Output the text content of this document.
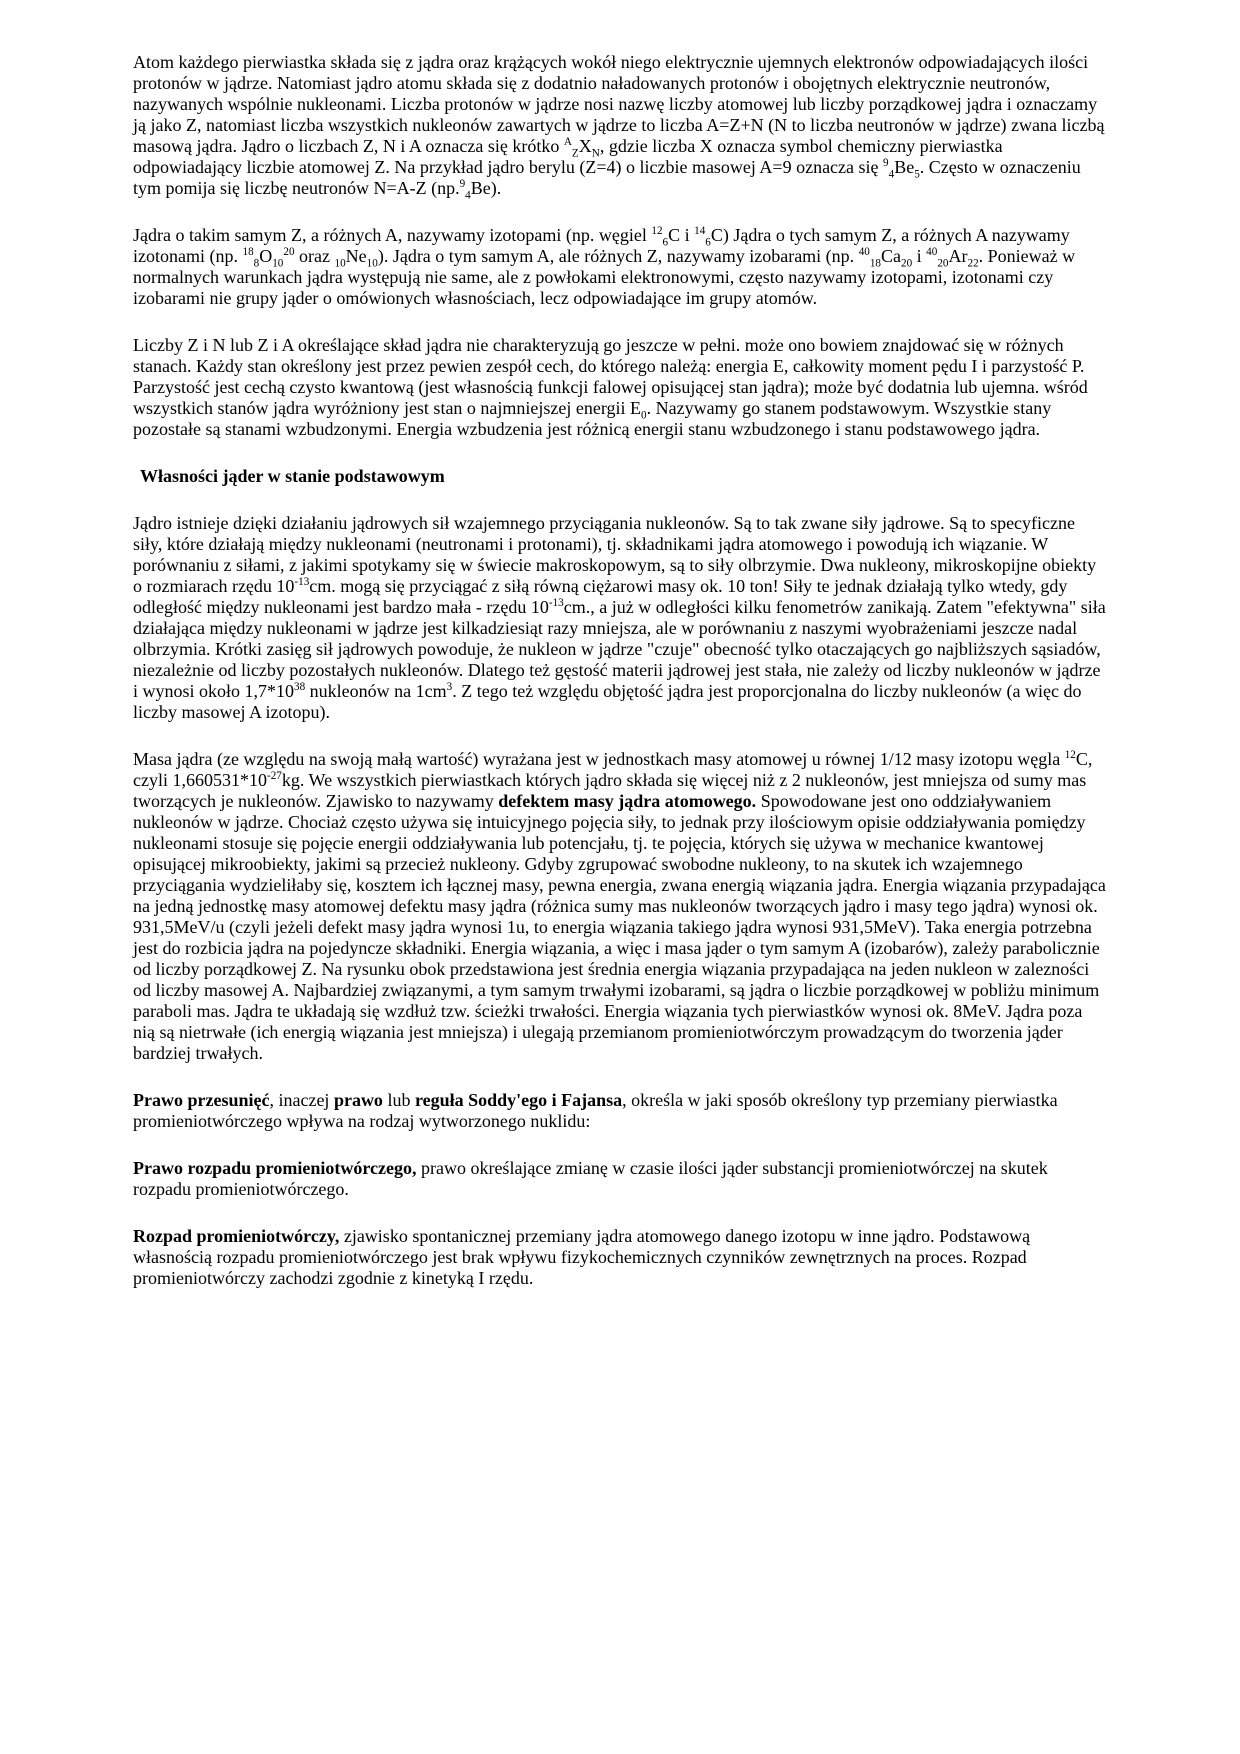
Atom każdego pierwiastka składa się z jądra oraz krążących wokół niego elektrycznie ujemnych elektronów odpowiadających ilości protonów w jądrze. Natomiast jądro atomu składa się z dodatnio naładowanych protonów i obojętnych elektrycznie neutronów, nazywanych wspólnie nukleonami. Liczba protonów w jądrze nosi nazwę liczby atomowej lub liczby porządkowej jądra i oznaczamy ją jako Z, natomiast liczba wszystkich nukleonów zawartych w jądrze to liczba A=Z+N (N to liczba neutronów w jądrze) zwana liczbą masową jądra. Jądro o liczbach Z, N i A oznacza się krótko $^A_ZX_N$, gdzie liczba X oznacza symbol chemiczny pierwiastka odpowiadający liczbie atomowej Z. Na przykład jądro berylu (Z=4) o liczbie masowej A=9 oznacza się $^9_4Be_5$. Często w oznaczeniu tym pomija się liczbę neutronów N=A-Z (np.$^9_4$Be).

Jądra o takim samym Z, a różnych A, nazywamy izotopami (np. węgiel $^{12}_6$C i $^{14}_6$C) Jądra o tych samym Z, a różnych A nazywamy izotonami (np. $^{18}_8O_{10}^{20}$ oraz $_{10}Ne_{10}$). Jądra o tym samym A, ale różnych Z, nazywamy izobarami (np. $^{40}_{18}Ca_{20}$ i $^{40}_{20}Ar_{22}$. Ponieważ w normalnych warunkach jądra występują nie same, ale z powłokami elektronowymi, często nazywamy izotopami, izotonami czy izobarami nie grupy jąder o omówionych własnościach, lecz odpowiadające im grupy atomów.

Liczby Z i N lub Z i A określające skład jądra nie charakteryzują go jeszcze w pełni. może ono bowiem znajdować się w różnych stanach. Każdy stan określony jest przez pewien zespół cech, do którego należą: energia E, całkowity moment pędu I i parzystość P. Parzystość jest cechą czysto kwantową (jest własnością funkcji falowej opisującej stan jądra); może być dodatnia lub ujemna. wśród wszystkich stanów jądra wyróżniony jest stan o najmniejszej energii $E_0$. Nazywamy go stanem podstawowym. Wszystkie stany pozostałe są stanami wzbudzonymi. Energia wzbudzenia jest różnicą energii stanu wzbudzonego i stanu podstawowego jądra.

Własności jąder w stanie podstawowym

Jądro istnieje dzięki działaniu jądrowych sił wzajemnego przyciągania nukleonów. Są to tak zwane siły jądrowe. Są to specyficzne siły, które działają między nukleonami (neutronami i protonami), tj. składnikami jądra atomowego i powodują ich wiązanie. W porównaniu z siłami, z jakimi spotykamy się w świecie makroskopowym, są to siły olbrzymie. Dwa nukleony, mikroskopijne obiekty o rozmiarach rzędu $10^{-13}cm$. mogą się przyciągać z siłą równą ciężarowi masy ok. 10 ton! Siły te jednak działają tylko wtedy, gdy odległość między nukleonami jest bardzo mała - rzędu $10^{-13}cm$., a już w odległości kilku fenometrów zanikają. Zatem "efektywna" siła działająca między nukleonami w jądrze jest kilkadziesiąt razy mniejsza, ale w porównaniu z naszymi wyobrażeniami jeszcze nadal olbrzymia. Krótki zasięg sił jądrowych powoduje, że nukleon w jądrze "czuje" obecność tylko otaczających go najbliższych sąsiadów, niezależnie od liczby pozostałych nukleonów. Dlatego też gęstość materii jądrowej jest stała, nie zależy od liczby nukleonów w jądrze i wynosi około $1,7*10^{38}$ nukleonów na $1cm^3$. Z tego też względu objętość jądra jest proporcjonalna do liczby nukleonów (a więc do liczby masowej A izotopu).

Masa jądra (ze względu na swoją małą wartość) wyrażana jest w jednostkach masy atomowej u równej 1/12 masy izotopu węgla $^{12}$C, czyli $1,660531*10^{-27}kg$. We wszystkich pierwiastkach których jądro składa się więcej niż z 2 nukleonów, jest mniejsza od sumy mas tworzących je nukleonów. Zjawisko to nazywamy defektem masy jądra atomowego. Spowodowane jest ono oddziaływaniem nukleonów w jądrze. Chociaż często używa się intuicyjnego pojęcia siły, to jednak przy ilościowym opisie oddziaływania pomiędzy nukleonami stosuje się pojęcie energii oddziaływania lub potencjału, tj. te pojęcia, których się używa w mechanice kwantowej opisującej mikroobiekty, jakimi są przecież nukleony. Gdyby zgrupować swobodne nukleony, to na skutek ich wzajemnego przyciągania wydzieliłaby się, kosztem ich łącznej masy, pewna energia, zwana energią wiązania jądra. Energia wiązania przypadająca na jedną jednostkę masy atomowej defektu masy jądra (różnica sumy mas nukleonów tworzących jądro i masy tego jądra) wynosi ok. 931,5MeV/u (czyli jeżeli defekt masy jądra wynosi 1u, to energia wiązania takiego jądra wynosi 931,5MeV). Taka energia potrzebna jest do rozbicia jądra na pojedyncze składniki. Energia wiązania, a więc i masa jąder o tym samym A (izobarów), zależy parabolicznie od liczby porządkowej Z. Na rysunku obok przedstawiona jest średnia energia wiązania przypadająca na jeden nukleon w zalezności od liczby masowej A. Najbardziej związanymi, a tym samym trwałymi izobarami, są jądra o liczbie porządkowej w pobliżu minimum paraboli mas. Jądra te układają się wzdłuż tzw. ścieżki trwałości. Energia wiązania tych pierwiastków wynosi ok. 8MeV. Jądra poza nią są nietrwałe (ich energią wiązania jest mniejsza) i ulegają przemianom promieniotwórczym prowadzącym do tworzenia jąder bardziej trwałych.

Prawo przesunięć, inaczej prawo lub reguła Soddy'ego i Fajansa, określa w jaki sposób określony typ przemiany pierwiastka promieniotwórczego wpływa na rodzaj wytworzonego nuklidu:

Prawo rozpadu promieniotwórczego, prawo określające zmianę w czasie ilości jąder substancji promieniotwórczej na skutek rozpadu promieniotwórczego.

Rozpad promieniotwórczy, zjawisko spontanicznej przemiany jądra atomowego danego izotopu w inne jądro. Podstawową własnością rozpadu promieniotwórczego jest brak wpływu fizykochemicznych czynników zewnętrznych na proces. Rozpad promieniotwórczy zachodzi zgodnie z kinetyką I rzędu.
